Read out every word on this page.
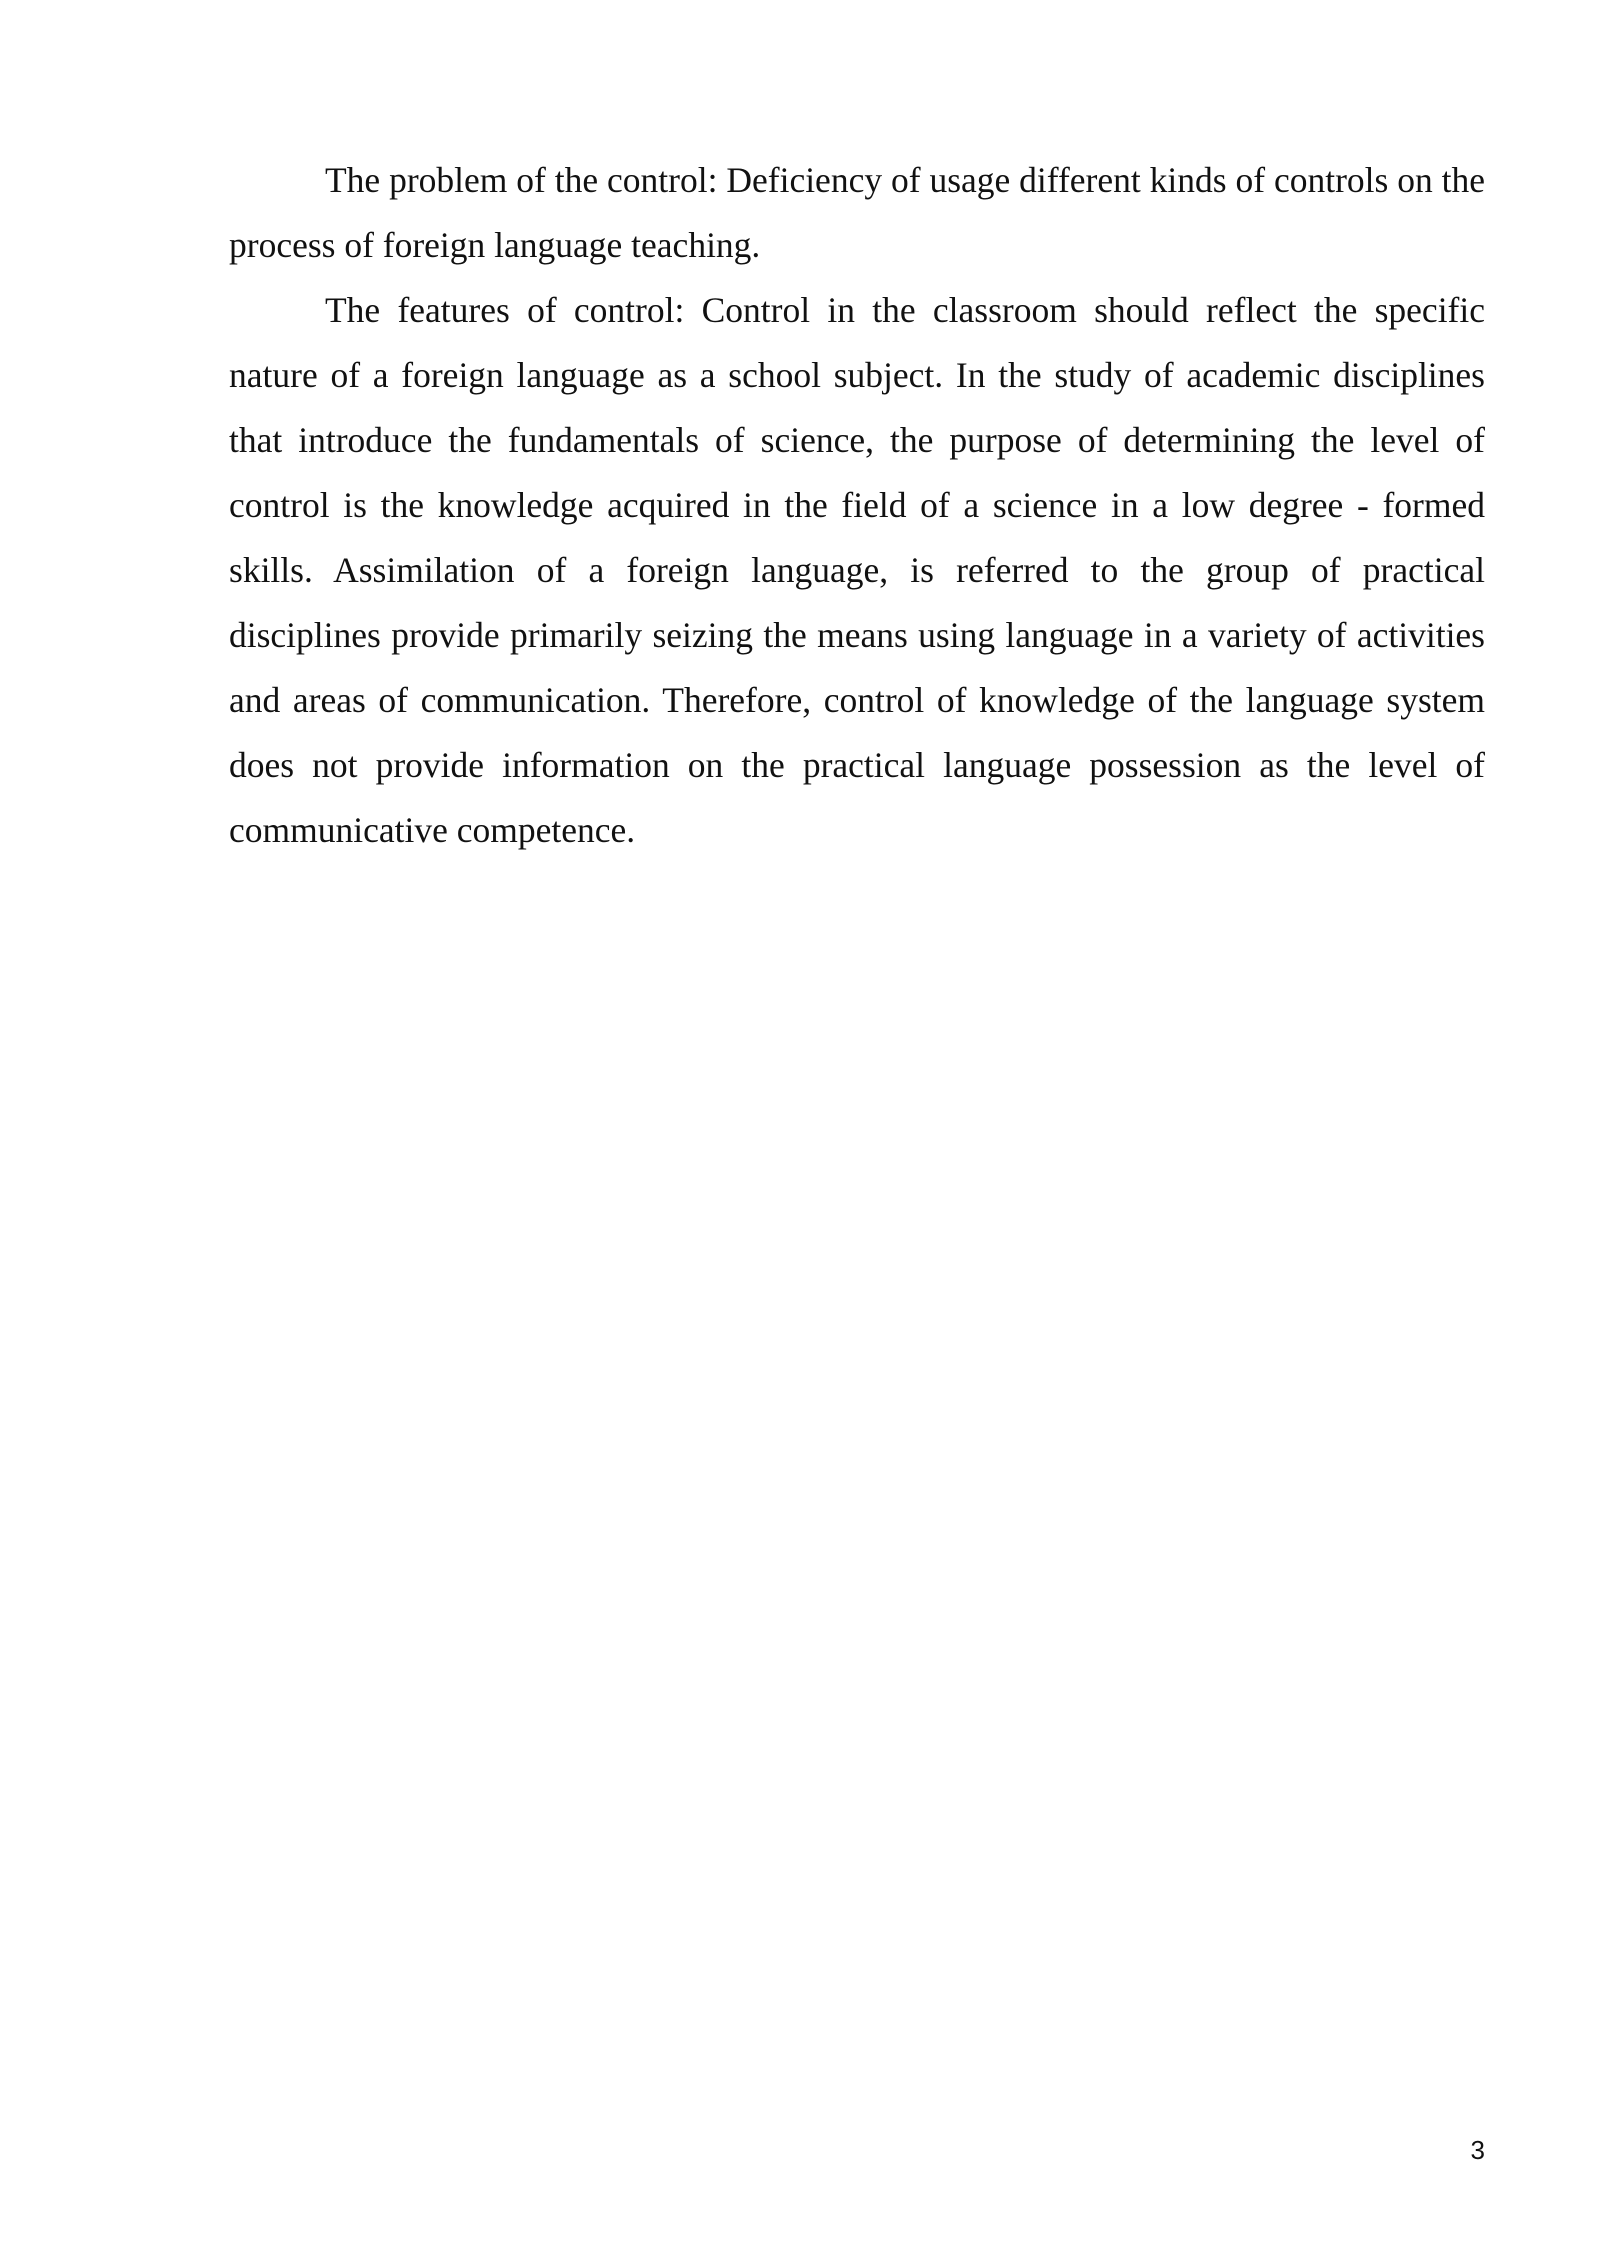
The problem of the control: Deficiency of usage different kinds of controls on the process of foreign language teaching.

The features of control: Control in the classroom should reflect the specific nature of a foreign language as a school subject. In the study of academic disciplines that introduce the fundamentals of science, the purpose of determining the level of control is the knowledge acquired in the field of a science in a low degree - formed skills. Assimilation of a foreign language, is referred to the group of practical disciplines provide primarily seizing the means using language in a variety of activities and areas of communication. Therefore, control of knowledge of the language system does not provide information on the practical language possession as the level of communicative competence.

3
